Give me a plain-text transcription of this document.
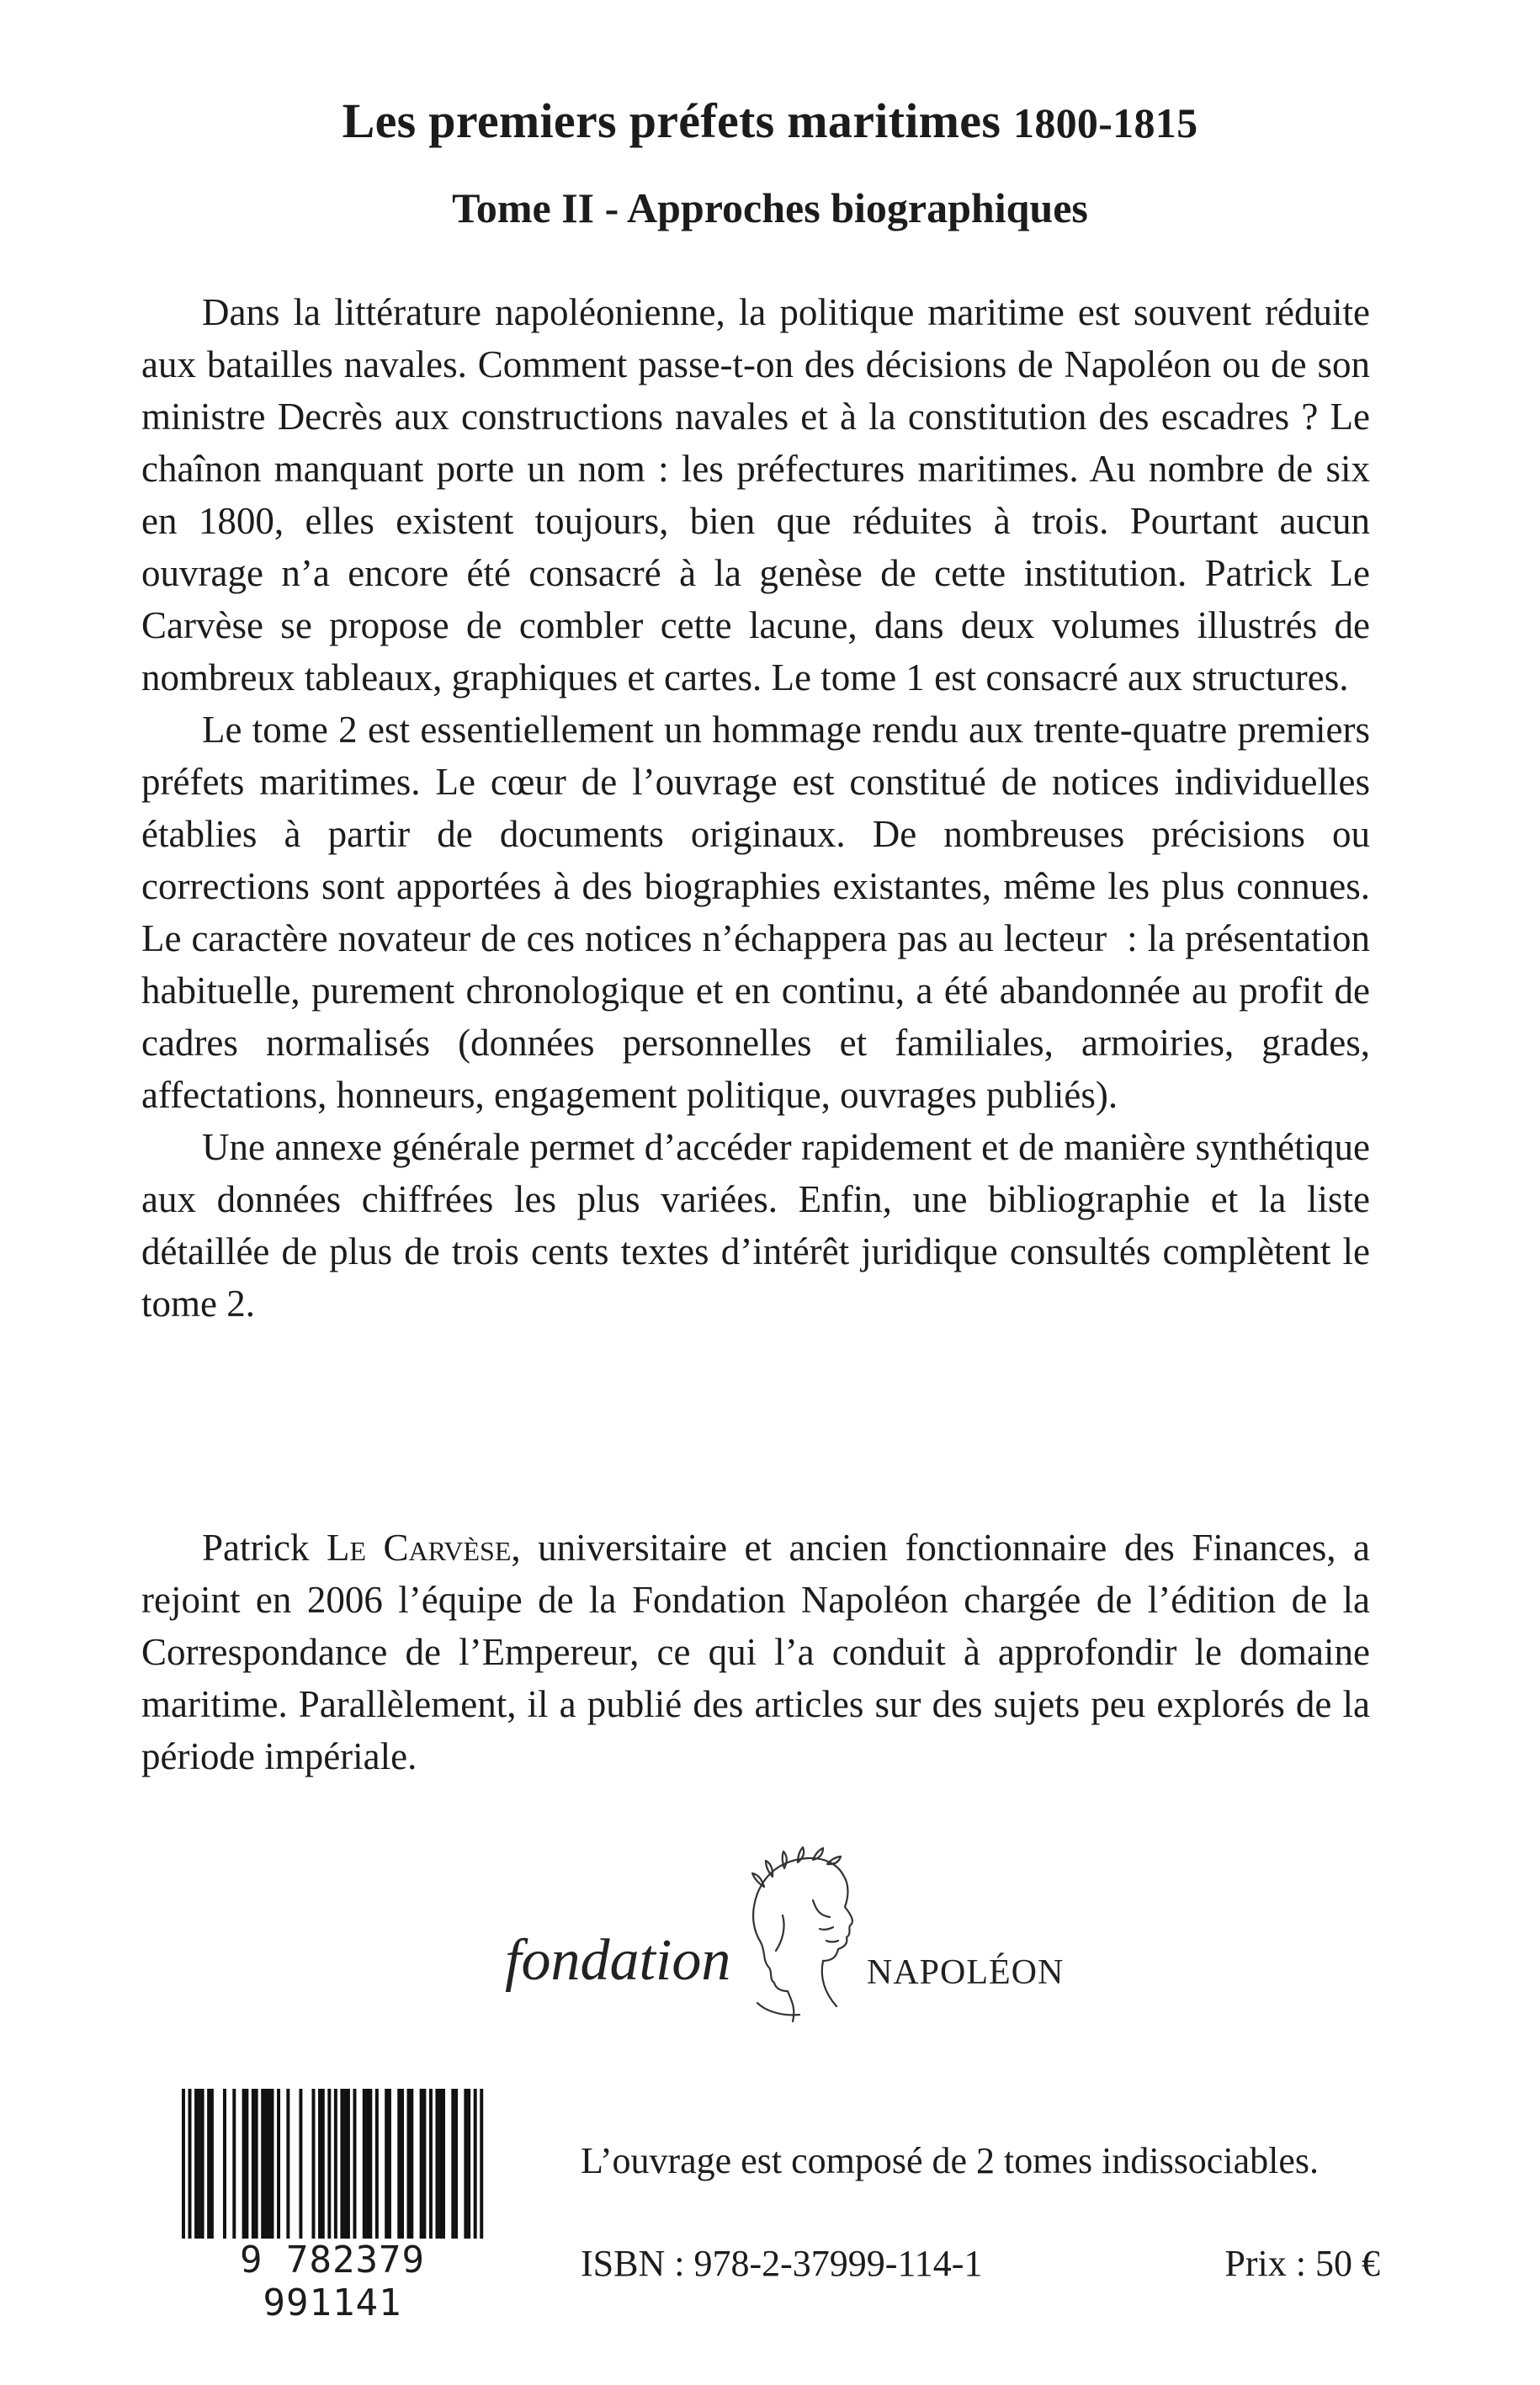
Les premiers préfets maritimes 1800-1815
Tome II - Approches biographiques

Dans la littérature napoléonienne, la politique maritime est souvent réduite aux batailles navales. Comment passe-t-on des décisions de Napoléon ou de son ministre Decrès aux constructions navales et à la constitution des escadres ? Le chaînon manquant porte un nom : les préfectures maritimes. Au nombre de six en 1800, elles existent toujours, bien que réduites à trois. Pourtant aucun ouvrage n’a encore été consacré à la genèse de cette institution. Patrick Le Carvèse se propose de combler cette lacune, dans deux volumes illustrés de nombreux tableaux, graphiques et cartes. Le tome 1 est consacré aux structures.

Le tome 2 est essentiellement un hommage rendu aux trente-quatre premiers préfets maritimes. Le cœur de l’ouvrage est constitué de notices individuelles établies à partir de documents originaux. De nombreuses précisions ou corrections sont apportées à des biographies existantes, même les plus connues. Le caractère novateur de ces notices n’échappera pas au lecteur  : la présentation habituelle, purement chronologique et en continu, a été abandonnée au profit de cadres normalisés (données personnelles et familiales, armoiries, grades, affectations, honneurs, engagement politique, ouvrages publiés).

Une annexe générale permet d’accéder rapidement et de manière synthétique aux données chiffrées les plus variées. Enfin, une bibliographie et la liste détaillée de plus de trois cents textes d’intérêt juridique consultés complètent le tome 2.

Patrick Le Carvèse, universitaire et ancien fonctionnaire des Finances, a rejoint en 2006 l’équipe de la Fondation Napoléon chargée de l’édition de la Correspondance de l’Empereur, ce qui l’a conduit à approfondir le domaine maritime. Parallèlement, il a publié des articles sur des sujets peu explorés de la période impériale.

fondation	NAPOLÉON
9 782379 991141
L’ouvrage est composé de 2 tomes indissociables.
ISBN : 978-2-37999-114-1	Prix : 50 €
